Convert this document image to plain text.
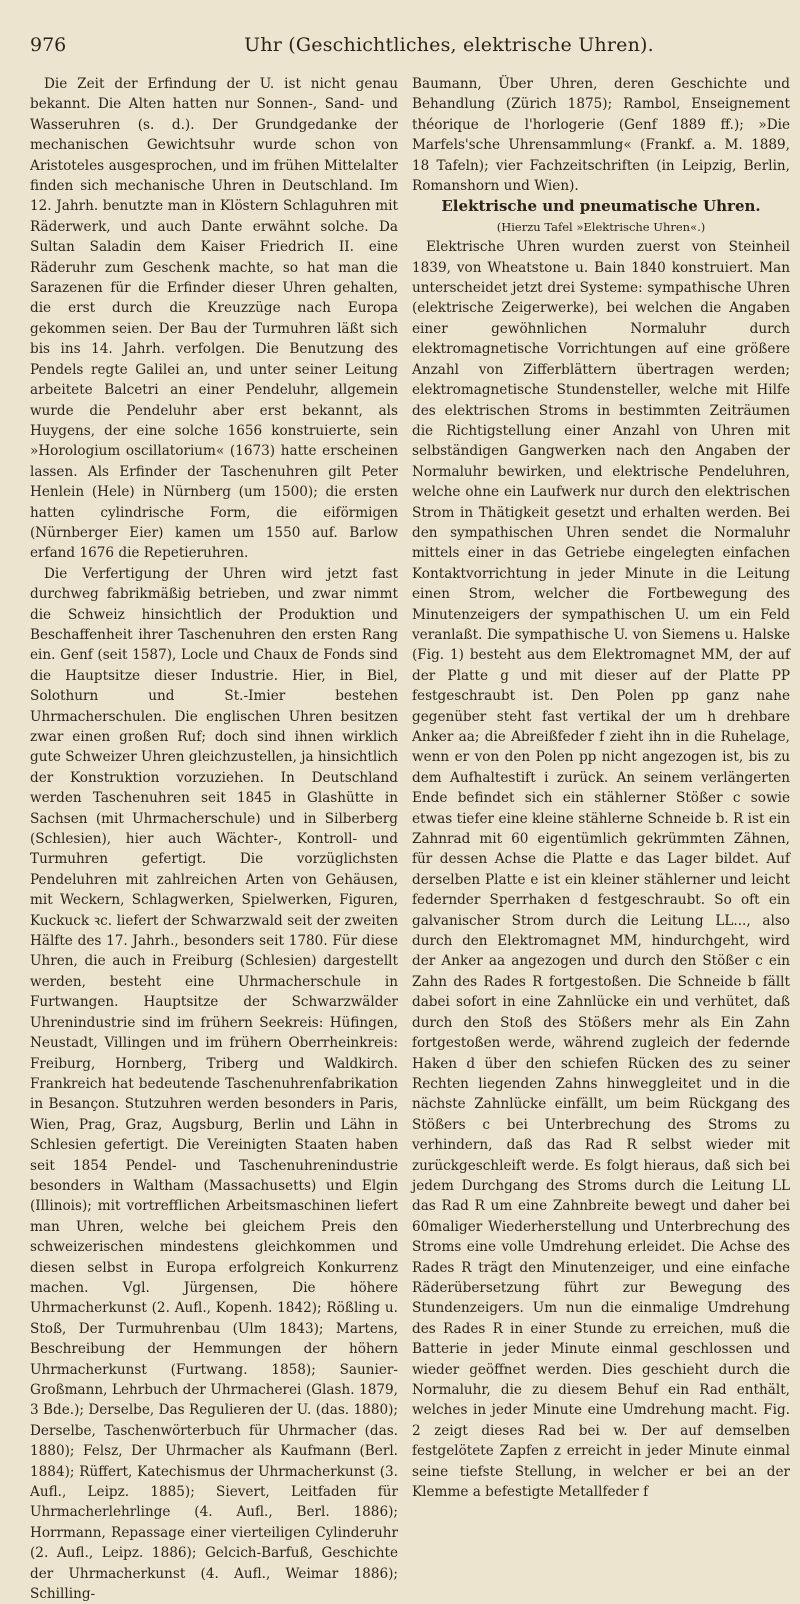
976	Uhr (Geschichtliches, elektrische Uhren).

Die Zeit der Erfindung der U. ist nicht genau bekannt. Die Alten hatten nur Sonnen-, Sand- und Wasseruhren (s. d.). Der Grundgedanke der mechanischen Gewichtsuhr wurde schon von Aristoteles ausgesprochen, und im frühen Mittelalter finden sich mechanische Uhren in Deutschland. Im 12. Jahrh. benutzte man in Klöstern Schlaguhren mit Räderwerk, und auch Dante erwähnt solche. Da Sultan Saladin dem Kaiser Friedrich II. eine Räderuhr zum Geschenk machte, so hat man die Sarazenen für die Erfinder dieser Uhren gehalten, die erst durch die Kreuzzüge nach Europa gekommen seien. Der Bau der Turmuhren läßt sich bis ins 14. Jahrh. verfolgen. Die Benutzung des Pendels regte Galilei an, und unter seiner Leitung arbeitete Balcetri an einer Pendeluhr, allgemein wurde die Pendeluhr aber erst bekannt, als Huygens, der eine solche 1656 konstruierte, sein »Horologium oscillatorium« (1673) hatte erscheinen lassen. Als Erfinder der Taschenuhren gilt Peter Henlein (Hele) in Nürnberg (um 1500); die ersten hatten cylindrische Form, die eiförmigen (Nürnberger Eier) kamen um 1550 auf. Barlow erfand 1676 die Repetieruhren.

Die Verfertigung der Uhren wird jetzt fast durchweg fabrikmäßig betrieben, und zwar nimmt die Schweiz hinsichtlich der Produktion und Beschaffenheit ihrer Taschenuhren den ersten Rang ein. Genf (seit 1587), Locle und Chaux de Fonds sind die Hauptsitze dieser Industrie. Hier, in Biel, Solothurn und St.-Imier bestehen Uhrmacherschulen. Die englischen Uhren besitzen zwar einen großen Ruf; doch sind ihnen wirklich gute Schweizer Uhren gleichzustellen, ja hinsichtlich der Konstruktion vorzuziehen. In Deutschland werden Taschenuhren seit 1845 in Glashütte in Sachsen (mit Uhrmacherschule) und in Silberberg (Schlesien), hier auch Wächter-, Kontroll- und Turmuhren gefertigt. Die vorzüglichsten Pendeluhren mit zahlreichen Arten von Gehäusen, mit Weckern, Schlagwerken, Spielwerken, Figuren, Kuckuck ꝛc. liefert der Schwarzwald seit der zweiten Hälfte des 17. Jahrh., besonders seit 1780. Für diese Uhren, die auch in Freiburg (Schlesien) dargestellt werden, besteht eine Uhrmacherschule in Furtwangen. Hauptsitze der Schwarzwälder Uhrenindustrie sind im frühern Seekreis: Hüfingen, Neustadt, Villingen und im frühern Oberrheinkreis: Freiburg, Hornberg, Triberg und Waldkirch. Frankreich hat bedeutende Taschenuhrenfabrikation in Besançon. Stutzuhren werden besonders in Paris, Wien, Prag, Graz, Augsburg, Berlin und Lähn in Schlesien gefertigt. Die Vereinigten Staaten haben seit 1854 Pendel- und Taschenuhrenindustrie besonders in Waltham (Massachusetts) und Elgin (Illinois); mit vortrefflichen Arbeitsmaschinen liefert man Uhren, welche bei gleichem Preis den schweizerischen mindestens gleichkommen und diesen selbst in Europa erfolgreich Konkurrenz machen. Vgl. Jürgensen, Die höhere Uhrmacherkunst (2. Aufl., Kopenh. 1842); Rößling u. Stoß, Der Turmuhrenbau (Ulm 1843); Martens, Beschreibung der Hemmungen der höhern Uhrmacherkunst (Furtwang. 1858); Saunier-Großmann, Lehrbuch der Uhrmacherei (Glash. 1879, 3 Bde.); Derselbe, Das Regulieren der U. (das. 1880); Derselbe, Taschenwörterbuch für Uhrmacher (das. 1880); Felsz, Der Uhrmacher als Kaufmann (Berl. 1884); Rüffert, Katechismus der Uhrmacherkunst (3. Aufl., Leipz. 1885); Sievert, Leitfaden für Uhrmacherlehrlinge (4. Aufl., Berl. 1886); Horrmann, Repassage einer vierteiligen Cylinderuhr (2. Aufl., Leipz. 1886); Gelcich-Barfuß, Geschichte der Uhrmacherkunst (4. Aufl., Weimar 1886); Schilling-

Baumann, Über Uhren, deren Geschichte und Behandlung (Zürich 1875); Rambol, Enseignement théorique de l'horlogerie (Genf 1889 ff.); »Die Marfels'sche Uhrensammlung« (Frankf. a. M. 1889, 18 Tafeln); vier Fachzeitschriften (in Leipzig, Berlin, Romanshorn und Wien).

Elektrische und pneumatische Uhren.

(Hierzu Tafel »Elektrische Uhren«.)

Elektrische Uhren wurden zuerst von Steinheil 1839, von Wheatstone u. Bain 1840 konstruiert. Man unterscheidet jetzt drei Systeme: sympathische Uhren (elektrische Zeigerwerke), bei welchen die Angaben einer gewöhnlichen Normaluhr durch elektromagnetische Vorrichtungen auf eine größere Anzahl von Zifferblättern übertragen werden; elektromagnetische Stundensteller, welche mit Hilfe des elektrischen Stroms in bestimmten Zeiträumen die Richtigstellung einer Anzahl von Uhren mit selbständigen Gangwerken nach den Angaben der Normaluhr bewirken, und elektrische Pendeluhren, welche ohne ein Laufwerk nur durch den elektrischen Strom in Thätigkeit gesetzt und erhalten werden. Bei den sympathischen Uhren sendet die Normaluhr mittels einer in das Getriebe eingelegten einfachen Kontaktvorrichtung in jeder Minute in die Leitung einen Strom, welcher die Fortbewegung des Minutenzeigers der sympathischen U. um ein Feld veranlaßt. Die sympathische U. von Siemens u. Halske (Fig. 1) besteht aus dem Elektromagnet MM, der auf der Platte g und mit dieser auf der Platte PP festgeschraubt ist. Den Polen pp ganz nahe gegenüber steht fast vertikal der um h drehbare Anker aa; die Abreißfeder f zieht ihn in die Ruhelage, wenn er von den Polen pp nicht angezogen ist, bis zu dem Aufhaltestift i zurück. An seinem verlängerten Ende befindet sich ein stählerner Stößer c sowie etwas tiefer eine kleine stählerne Schneide b. R ist ein Zahnrad mit 60 eigentümlich gekrümmten Zähnen, für dessen Achse die Platte e das Lager bildet. Auf derselben Platte e ist ein kleiner stählerner und leicht federnder Sperrhaken d festgeschraubt. So oft ein galvanischer Strom durch die Leitung LL..., also durch den Elektromagnet MM, hindurchgeht, wird der Anker aa angezogen und durch den Stößer c ein Zahn des Rades R fortgestoßen. Die Schneide b fällt dabei sofort in eine Zahnlücke ein und verhütet, daß durch den Stoß des Stößers mehr als Ein Zahn fortgestoßen werde, während zugleich der federnde Haken d über den schiefen Rücken des zu seiner Rechten liegenden Zahns hinweggleitet und in die nächste Zahnlücke einfällt, um beim Rückgang des Stößers c bei Unterbrechung des Stroms zu verhindern, daß das Rad R selbst wieder mit zurückgeschleift werde. Es folgt hieraus, daß sich bei jedem Durchgang des Stroms durch die Leitung LL das Rad R um eine Zahnbreite bewegt und daher bei 60maliger Wiederherstellung und Unterbrechung des Stroms eine volle Umdrehung erleidet. Die Achse des Rades R trägt den Minutenzeiger, und eine einfache Räderübersetzung führt zur Bewegung des Stundenzeigers. Um nun die einmalige Umdrehung des Rades R in einer Stunde zu erreichen, muß die Batterie in jeder Minute einmal geschlossen und wieder geöffnet werden. Dies geschieht durch die Normaluhr, die zu diesem Behuf ein Rad enthält, welches in jeder Minute eine Umdrehung macht. Fig. 2 zeigt dieses Rad bei w. Der auf demselben festgelötete Zapfen z erreicht in jeder Minute einmal seine tiefste Stellung, in welcher er bei an der Klemme a befestigte Metallfeder f
